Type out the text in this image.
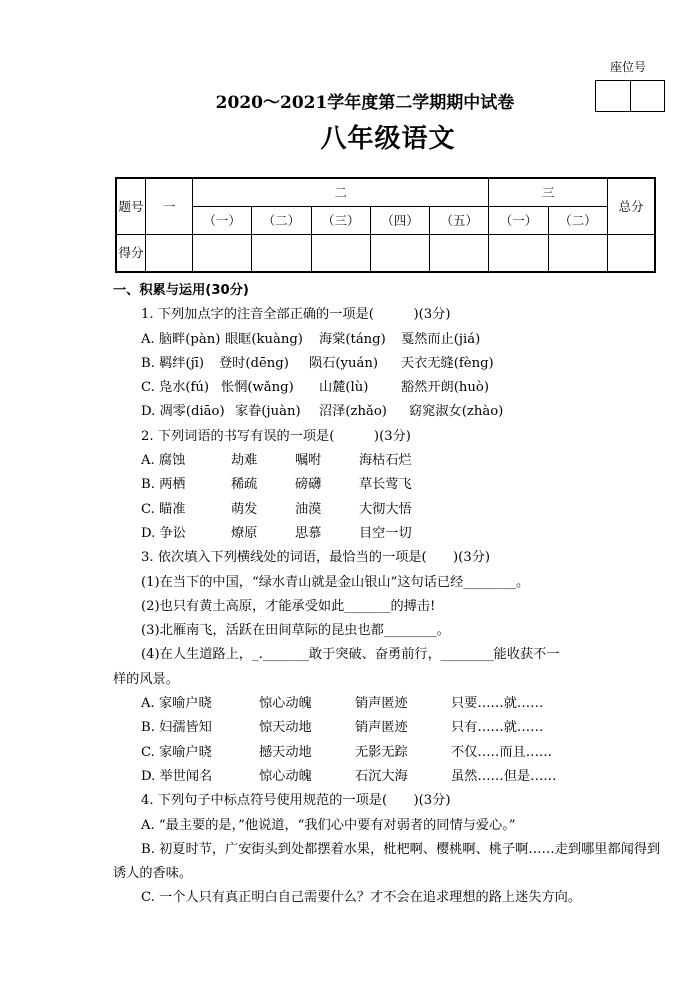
座位号
2020～2021学年度第二学期期中试卷
八年级语文
题号	一	二					三		总分
		（一）	（二）	（三）	（四）	（五）	（一）	（二）	
得分									

一、积累与运用(30分)

1. 下列加点字的注音全部正确的一项是(　　　)(3分)

A. 脑畔(pàn) 眼眶(kuàng) 海棠(táng) 戛然而止(jiá)

B. 羁绊(jī) 登时(dēng) 陨石(yuán) 天衣无缝(fèng)

C. 凫水(fú) 怅惘(wǎng) 山麓(lù) 豁然开朗(huò)

D. 凋零(diāo) 家眷(juàn) 沼泽(zhǎo) 窈窕淑女(zhào)

2. 下列词语的书写有误的一项是(　　　)(3分)

A. 腐蚀	劫难	嘱咐	海枯石烂

B. 两栖	稀疏	磅礴	草长莺飞

C. 瞄准	萌发	油漠	大彻大悟

D. 争讼	燎原	思慕	目空一切

3. 依次填入下列横线处的词语，最恰当的一项是(　　)(3分)

(1)在当下的中国，“绿水青山就是金山银山”这句话已经________。

(2)也只有黄土高原，才能承受如此_______的搏击!

(3)北雁南飞，活跃在田间草际的昆虫也都________。

(4)在人生道路上，_._______敢于突破、奋勇前行，________能收获不一

样的风景。

A. 家喻户晓	惊心动魄	销声匿迹	只要……就……

B. 妇孺皆知	惊天动地	销声匿迹	只有……就……

C. 家喻户晓	撼天动地	无影无踪	不仅…‥而且……

D. 举世闻名	惊心动魄	石沉大海	虽然……但是……

4. 下列句子中标点符号使用规范的一项是(　　)(3分)

A. “最主要的是，”他说道，“我们心中要有对弱者的同情与爱心。”

B. 初夏时节，广安街头到处都摆着水果，枇杷啊、樱桃啊、桃子啊……走到哪里都闻得到诱人的香味。

C. 一个人只有真正明白自己需要什么？才不会在追求理想的路上迷失方向。
